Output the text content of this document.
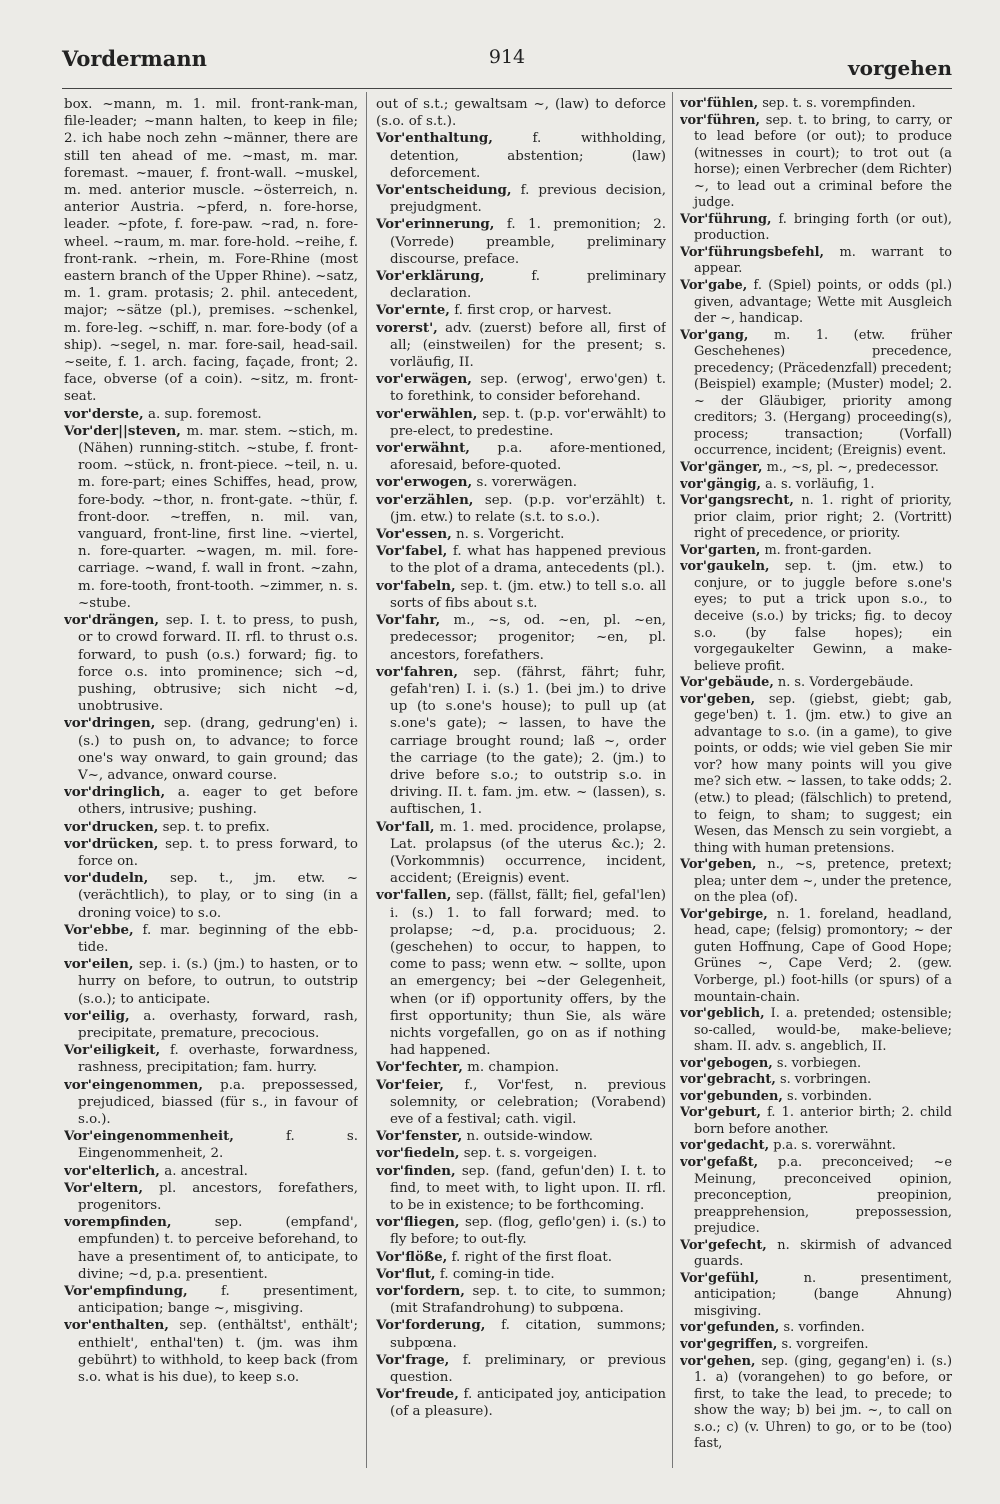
Vordermann	914	vorgehen

box. ~mann, m. 1. mil. front-rank-man, file-leader; ~mann halten, to keep in file; 2. ich habe noch zehn ~männer, there are still ten ahead of me. ~mast, m. mar. foremast. ~mauer, f. front-wall. ~muskel, m. med. anterior muscle. ~österreich, n. anterior Austria. ~pferd, n. fore-horse, leader. ~pfote, f. fore-paw. ~rad, n. fore-wheel. ~raum, m. mar. fore-hold. ~reihe, f. front-rank. ~rhein, m. Fore-Rhine (most eastern branch of the Upper Rhine). ~satz, m. 1. gram. protasis; 2. phil. antecedent, major; ~sätze (pl.), premises. ~schenkel, m. fore-leg. ~schiff, n. mar. fore-body (of a ship). ~segel, n. mar. fore-sail, head-sail. ~seite, f. 1. arch. facing, façade, front; 2. face, obverse (of a coin). ~sitz, m. front-seat.

vor'derste, a. sup. foremost.

Vor'der||steven, m. mar. stem. ~stich, m. (Nähen) running-stitch. ~stube, f. front-room. ~stück, n. front-piece. ~teil, n. u. m. fore-part; eines Schiffes, head, prow, fore-body. ~thor, n. front-gate. ~thür, f. front-door. ~treffen, n. mil. van, vanguard, front-line, first line. ~viertel, n. fore-quarter. ~wagen, m. mil. fore-carriage. ~wand, f. wall in front. ~zahn, m. fore-tooth, front-tooth. ~zimmer, n. s. ~stube.

vor'drängen, sep. I. t. to press, to push, or to crowd forward. II. rfl. to thrust o.s. forward, to push (o.s.) forward; fig. to force o.s. into prominence; sich ~d, pushing, obtrusive; sich nicht ~d, unobtrusive.

vor'dringen, sep. (drang, gedrung'en) i. (s.) to push on, to advance; to force one's way onward, to gain ground; das V~, advance, onward course.

vor'dringlich, a. eager to get before others, intrusive; pushing.

vor'drucken, sep. t. to prefix.

vor'drücken, sep. t. to press forward, to force on.

vor'dudeln, sep. t., jm. etw. ~ (verächtlich), to play, or to sing (in a droning voice) to s.o.

Vor'ebbe, f. mar. beginning of the ebb-tide.

vor'eilen, sep. i. (s.) (jm.) to hasten, or to hurry on before, to outrun, to outstrip (s.o.); to anticipate.

vor'eilig, a. overhasty, forward, rash, precipitate, premature, precocious.

Vor'eiligkeit, f. overhaste, forwardness, rashness, precipitation; fam. hurry.

vor'eingenommen, p.a. prepossessed, prejudiced, biassed (für s., in favour of s.o.).

Vor'eingenommenheit,	f. s. Eingenommenheit, 2.

vor'elterlich, a. ancestral.

Vor'eltern, pl. ancestors, forefathers, progenitors.

vorempfinden,	sep. (empfand', empfunden) t. to perceive beforehand, to have a presentiment of, to anticipate, to divine; ~d, p.a. presentient.

Vor'empfindung, f. presentiment, anticipation; bange ~, misgiving.

vor'enthalten, sep. (enthältst', enthält'; enthielt', enthal'ten) t. (jm. was ihm gebührt) to withhold, to keep back (from s.o. what is his due), to keep s.o.

out of s.t.; gewaltsam ~, (law) to deforce (s.o. of s.t.).

Vor'enthaltung,	f. withholding, detention, abstention; (law) deforcement.

Vor'entscheidung, f. previous decision, prejudgment.

Vor'erinnerung, f. 1. premonition; 2. (Vorrede) preamble, preliminary discourse, preface.

Vor'erklärung,	f. preliminary declaration.

Vor'ernte, f. first crop, or harvest.

vorerst', adv. (zuerst) before all, first of all; (einstweilen) for the present; s. vorläufig, II.

vor'erwägen, sep. (erwog', erwo'gen) t. to forethink, to consider beforehand.

vor'erwählen, sep. t. (p.p. vor'erwählt) to pre-elect, to predestine.

vor'erwähnt, p.a. afore-mentioned, aforesaid, before-quoted.

vor'erwogen, s. vorerwägen.

vor'erzählen, sep. (p.p. vor'erzählt) t. (jm. etw.) to relate (s.t. to s.o.).

Vor'essen, n. s. Vorgericht.

Vor'fabel, f. what has happened previous to the plot of a drama, antecedents (pl.).

vor'fabeln, sep. t. (jm. etw.) to tell s.o. all sorts of fibs about s.t.

Vor'fahr, m., ~s, od. ~en, pl. ~en, predecessor; progenitor; ~en, pl. ancestors, forefathers.

vor'fahren, sep. (fährst, fährt; fuhr, gefah'ren) I. i. (s.) 1. (bei jm.) to drive up (to s.one's house); to pull up (at s.one's gate); ~ lassen, to have the carriage brought round; laß ~, order the carriage (to the gate); 2. (jm.) to drive before s.o.; to outstrip s.o. in driving. II. t. fam. jm. etw. ~ (lassen), s. auftischen, 1.

Vor'fall, m. 1. med. procidence, prolapse, Lat. prolapsus (of the uterus &c.); 2. (Vorkommnis) occurrence, incident, accident; (Ereignis) event.

vor'fallen, sep. (fällst, fällt; fiel, gefal'len) i. (s.) 1. to fall forward; med. to prolapse; ~d, p.a. prociduous; 2. (geschehen) to occur, to happen, to come to pass; wenn etw. ~ sollte, upon an emergency; bei ~der Gelegenheit, when (or if) opportunity offers, by the first opportunity; thun Sie, als wäre nichts vorgefallen, go on as if nothing had happened.

Vor'fechter, m. champion.

Vor'feier, f., Vor'fest, n. previous solemnity, or celebration; (Vorabend) eve of a festival; cath. vigil.

Vor'fenster, n. outside-window.

vor'fiedeln, sep. t. s. vorgeigen.

vor'finden, sep. (fand, gefun'den) I. t. to find, to meet with, to light upon. II. rfl. to be in existence; to be forthcoming.

vor'fliegen, sep. (flog, geflo'gen) i. (s.) to fly before; to out-fly.

Vor'flöße, f. right of the first float.

Vor'flut, f. coming-in tide.

vor'fordern, sep. t. to cite, to summon; (mit Strafandrohung) to subpœna.

Vor'forderung, f. citation, summons; subpœna.

Vor'frage, f. preliminary, or previous question.

Vor'freude, f. anticipated joy, anticipation (of a pleasure).

vor'fühlen, sep. t. s. vorempfinden.

vor'führen, sep. t. to bring, to carry, or to lead before (or out); to produce (witnesses in court); to trot out (a horse); einen Verbrecher (dem Richter) ~, to lead out a criminal before the judge.

Vor'führung, f. bringing forth (or out), production.

Vor'führungsbefehl, m. warrant to appear.

Vor'gabe, f. (Spiel) points, or odds (pl.) given, advantage; Wette mit Ausgleich der ~, handicap.

Vor'gang, m. 1. (etw. früher Geschehenes) precedence, precedency; (Präcedenzfall) precedent; (Beispiel) example; (Muster) model; 2. ~ der Gläubiger, priority among creditors; 3. (Hergang) proceeding(s), process; transaction; (Vorfall) occurrence, incident; (Ereignis) event.

Vor'gänger, m., ~s, pl. ~, predecessor.

vor'gängig, a. s. vorläufig, 1.

Vor'gangsrecht, n. 1. right of priority, prior claim, prior right; 2. (Vortritt) right of precedence, or priority.

Vor'garten, m. front-garden.

vor'gaukeln, sep. t. (jm. etw.) to conjure, or to juggle before s.one's eyes; to put a trick upon s.o., to deceive (s.o.) by tricks; fig. to decoy s.o. (by false hopes); ein vorgegaukelter Gewinn, a make-believe profit.

Vor'gebäude, n. s. Vordergebäude.

vor'geben, sep. (giebst, giebt; gab, gege'ben) t. 1. (jm. etw.) to give an advantage to s.o. (in a game), to give points, or odds; wie viel geben Sie mir vor? how many points will you give me? sich etw. ~ lassen, to take odds; 2. (etw.) to plead; (fälschlich) to pretend, to feign, to sham; to suggest; ein Wesen, das Mensch zu sein vorgiebt, a thing with human pretensions.

Vor'geben, n., ~s, pretence, pretext; plea; unter dem ~, under the pretence, on the plea (of).

Vor'gebirge, n. 1. foreland, headland, head, cape; (felsig) promontory; ~ der guten Hoffnung, Cape of Good Hope; Grünes ~, Cape Verd; 2. (gew. Vorberge, pl.) foot-hills (or spurs) of a mountain-chain.

vor'geblich, I. a. pretended; ostensible; so-called, would-be, make-believe; sham. II. adv. s. angeblich, II.

vor'gebogen, s. vorbiegen.

vor'gebracht, s. vorbringen.

vor'gebunden, s. vorbinden.

Vor'geburt, f. 1. anterior birth; 2. child born before another.

vor'gedacht, p.a. s. vorerwähnt.

vor'gefaßt, p.a. preconceived; ~e Meinung, preconceived opinion, preconception, preopinion, preapprehension, prepossession, prejudice.

Vor'gefecht, n. skirmish of advanced guards.

Vor'gefühl,	n. presentiment, anticipation; (bange Ahnung) misgiving.

vor'gefunden, s. vorfinden.

vor'gegriffen, s. vorgreifen.

vor'gehen, sep. (ging, gegang'en) i. (s.) 1. a) (vorangehen) to go before, or first, to take the lead, to precede; to show the way; b) bei jm. ~, to call on s.o.; c) (v. Uhren) to go, or to be (too) fast,
